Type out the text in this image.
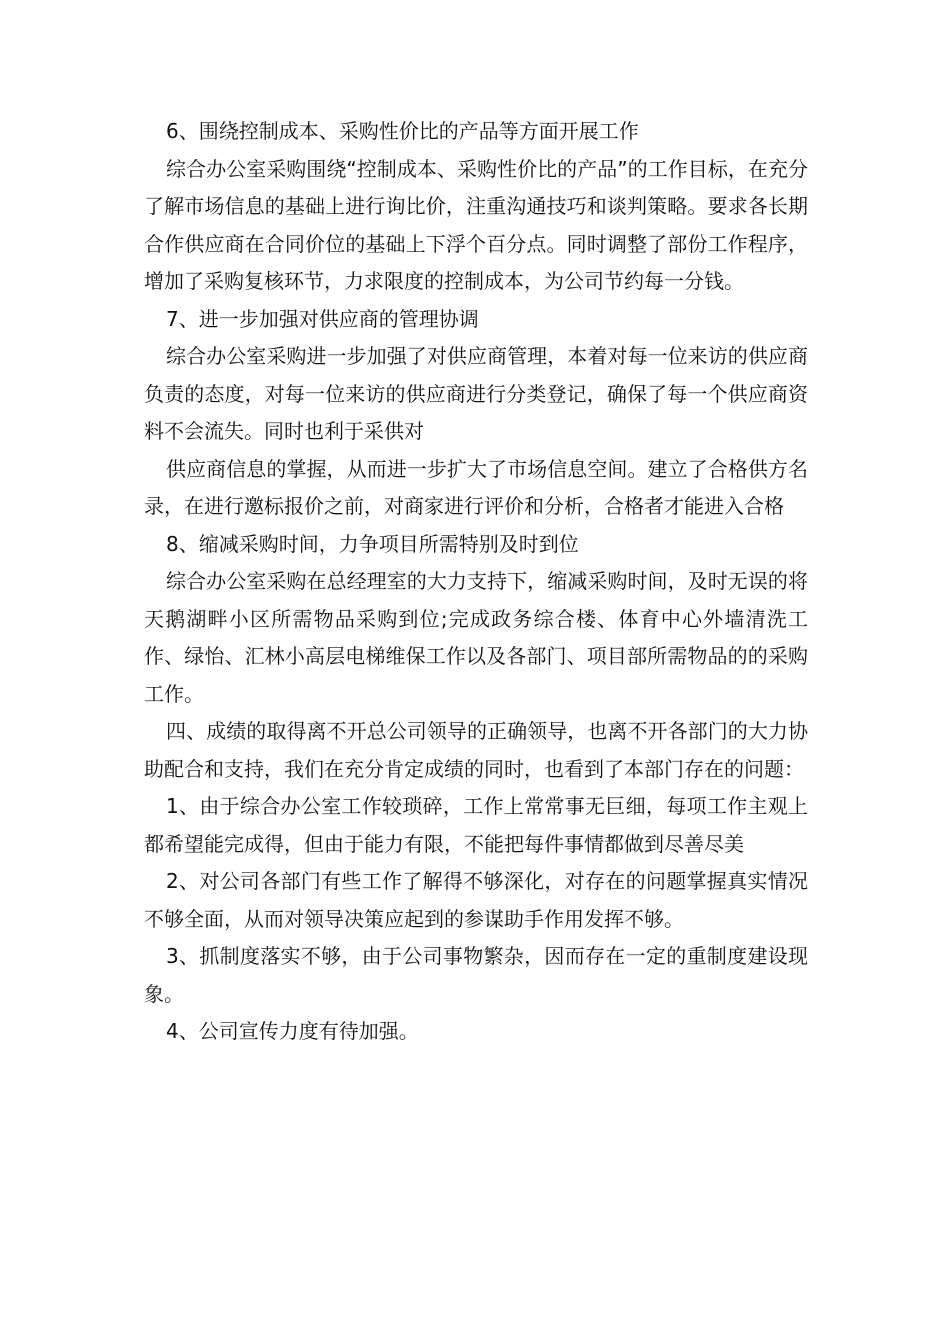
6、围绕控制成本、采购性价比的产品等方面开展工作

综合办公室采购围绕“控制成本、采购性价比的产品”的工作目标，在充分了解市场信息的基础上进行询比价，注重沟通技巧和谈判策略。要求各长期合作供应商在合同价位的基础上下浮个百分点。同时调整了部份工作程序，增加了采购复核环节，力求限度的控制成本，为公司节约每一分钱。

7、进一步加强对供应商的管理协调

综合办公室采购进一步加强了对供应商管理，本着对每一位来访的供应商负责的态度，对每一位来访的供应商进行分类登记，确保了每一个供应商资料不会流失。同时也利于采供对

供应商信息的掌握，从而进一步扩大了市场信息空间。建立了合格供方名录，在进行邀标报价之前，对商家进行评价和分析，合格者才能进入合格

8、缩减采购时间，力争项目所需特别及时到位

综合办公室采购在总经理室的大力支持下，缩减采购时间，及时无误的将天鹅湖畔小区所需物品采购到位;完成政务综合楼、体育中心外墙清洗工作、绿怡、汇林小高层电梯维保工作以及各部门、项目部所需物品的的采购工作。

四、成绩的取得离不开总公司领导的正确领导，也离不开各部门的大力协助配合和支持，我们在充分肯定成绩的同时，也看到了本部门存在的问题：

1、由于综合办公室工作较琐碎，工作上常常事无巨细，每项工作主观上都希望能完成得，但由于能力有限，不能把每件事情都做到尽善尽美

2、对公司各部门有些工作了解得不够深化，对存在的问题掌握真实情况不够全面，从而对领导决策应起到的参谋助手作用发挥不够。

3、抓制度落实不够，由于公司事物繁杂，因而存在一定的重制度建设现象。

4、公司宣传力度有待加强。
